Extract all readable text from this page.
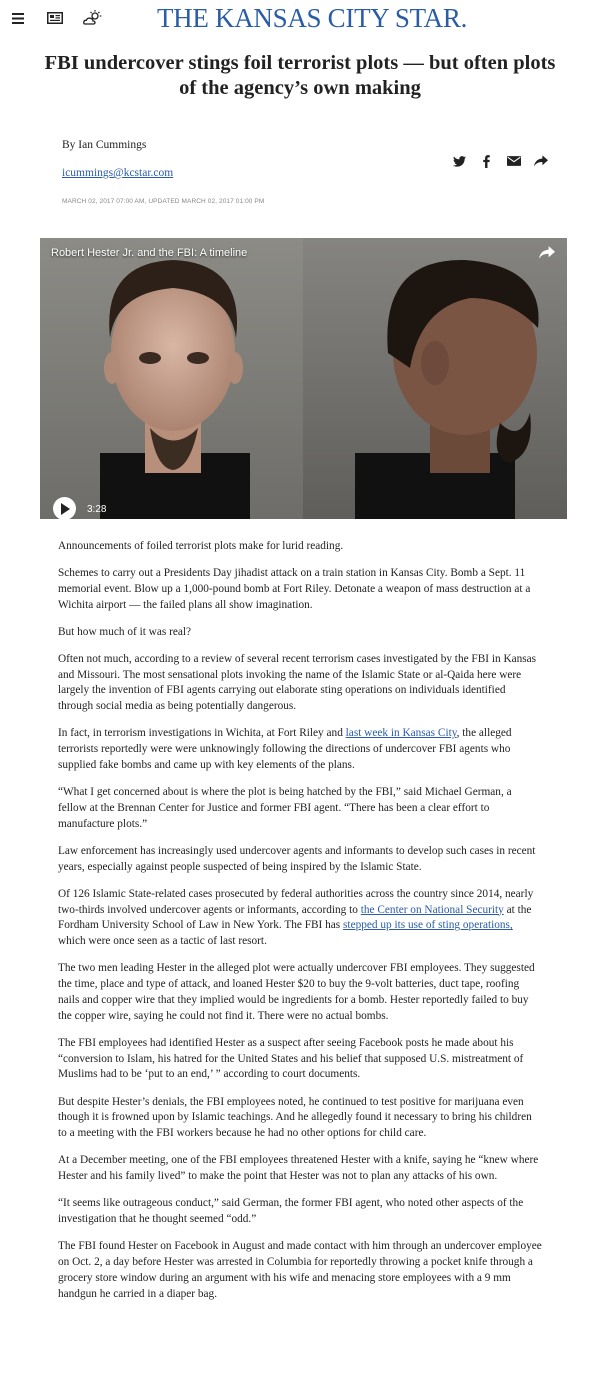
THE KANSAS CITY STAR.
FBI undercover stings foil terrorist plots — but often plots of the agency’s own making
By Ian Cummings
icummings@kcstar.com
MARCH 02, 2017 07:00 AM, UPDATED MARCH 02, 2017 01:00 PM
Robert Hester Jr. and the FBI: A timeline
3:28

Announcements of foiled terrorist plots make for lurid reading.

Schemes to carry out a Presidents Day jihadist attack on a train station in Kansas City. Bomb a Sept. 11 memorial event. Blow up a 1,000-pound bomb at Fort Riley. Detonate a weapon of mass destruction at a Wichita airport — the failed plans all show imagination.

But how much of it was real?

Often not much, according to a review of several recent terrorism cases investigated by the FBI in Kansas and Missouri. The most sensational plots invoking the name of the Islamic State or al-Qaida here were largely the invention of FBI agents carrying out elaborate sting operations on individuals identified through social media as being potentially dangerous.

In fact, in terrorism investigations in Wichita, at Fort Riley and last week in Kansas City, the alleged terrorists reportedly were were unknowingly following the directions of undercover FBI agents who supplied fake bombs and came up with key elements of the plans.

“What I get concerned about is where the plot is being hatched by the FBI,” said Michael German, a fellow at the Brennan Center for Justice and former FBI agent. “There has been a clear effort to manufacture plots.”

Law enforcement has increasingly used undercover agents and informants to develop such cases in recent years, especially against people suspected of being inspired by the Islamic State.

Of 126 Islamic State-related cases prosecuted by federal authorities across the country since 2014, nearly two-thirds involved undercover agents or informants, according to the Center on National Security at the Fordham University School of Law in New York. The FBI has stepped up its use of sting operations, which were once seen as a tactic of last resort.

The two men leading Hester in the alleged plot were actually undercover FBI employees. They suggested the time, place and type of attack, and loaned Hester $20 to buy the 9-volt batteries, duct tape, roofing nails and copper wire that they implied would be ingredients for a bomb. Hester reportedly failed to buy the copper wire, saying he could not find it. There were no actual bombs.

The FBI employees had identified Hester as a suspect after seeing Facebook posts he made about his “conversion to Islam, his hatred for the United States and his belief that supposed U.S. mistreatment of Muslims had to be ‘put to an end,’ ” according to court documents.

But despite Hester’s denials, the FBI employees noted, he continued to test positive for marijuana even though it is frowned upon by Islamic teachings. And he allegedly found it necessary to bring his children to a meeting with the FBI workers because he had no other options for child care.

At a December meeting, one of the FBI employees threatened Hester with a knife, saying he “knew where Hester and his family lived” to make the point that Hester was not to plan any attacks of his own.

“It seems like outrageous conduct,” said German, the former FBI agent, who noted other aspects of the investigation that he thought seemed “odd.”

The FBI found Hester on Facebook in August and made contact with him through an undercover employee on Oct. 2, a day before Hester was arrested in Columbia for reportedly throwing a pocket knife through a grocery store window during an argument with his wife and menacing store employees with a 9 mm handgun he carried in a diaper bag.
